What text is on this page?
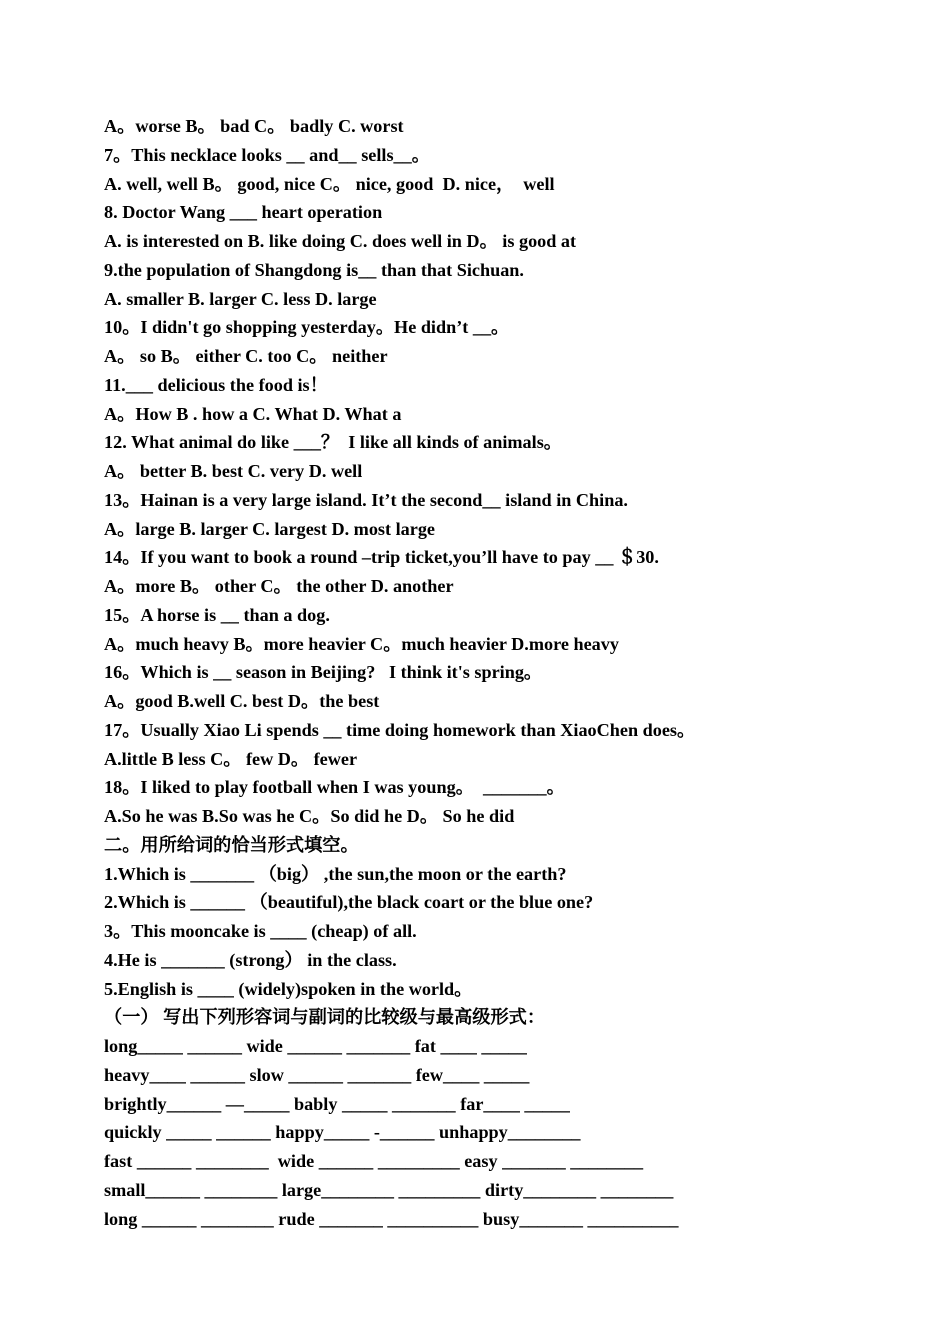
A。worse B。 bad C。 badly C. worst
7。This necklace looks __ and__ sells__。
A. well, well B。 good, nice C。 nice, good  D. nice，  well
8. Doctor Wang ___ heart operation
A. is interested on B. like doing C. does well in D。 is good at
9.the population of Shangdong is__ than that Sichuan.
A. smaller B. larger C. less D. large
10。I didn't go shopping yesterday。He didn’t __。
A。 so B。 either C. too C。 neither
11.___ delicious the food is！
A。How B . how a C. What D. What a
12. What animal do like ___？  I like all kinds of animals。
A。 better B. best C. very D. well
13。Hainan is a very large island. It’t the second__ island in China.
A。large B. larger C. largest D. most large
14。If you want to book a round –trip ticket,you’ll have to pay __ ＄30.
A。more B。 other C。 the other D. another
15。A horse is __ than a dog.
A。much heavy B。more heavier C。much heavier D.more heavy
16。Which is __ season in Beijing?   I think it's spring。
A。good B.well C. best D。the best
17。Usually Xiao Li spends __ time doing homework than XiaoChen does。
A.little B less C。 few D。 fewer
18。I liked to play football when I was young。  _______。
A.So he was B.So was he C。So did he D。 So he did
二。用所给词的恰当形式填空。
1.Which is _______ （big） ,the sun,the moon or the earth?
2.Which is ______ （beautiful),the black coart or the blue one?
3。This mooncake is ____ (cheap) of all.
4.He is _______ (strong） in the class.
5.English is ____ (widely)spoken in the world。
（一） 写出下列形容词与副词的比较级与最高级形式：
long_____ ______ wide ______ _______ fat ____ _____
heavy____ ______ slow ______ _______ few____ _____
brightly______ —_____ bably _____ _______ far____ _____
quickly _____ ______ happy_____ -______ unhappy________
fast ______ ________  wide ______ _________ easy _______ ________
small______ ________ large________ _________ dirty________ ________
long ______ ________ rude _______ __________ busy_______ __________
